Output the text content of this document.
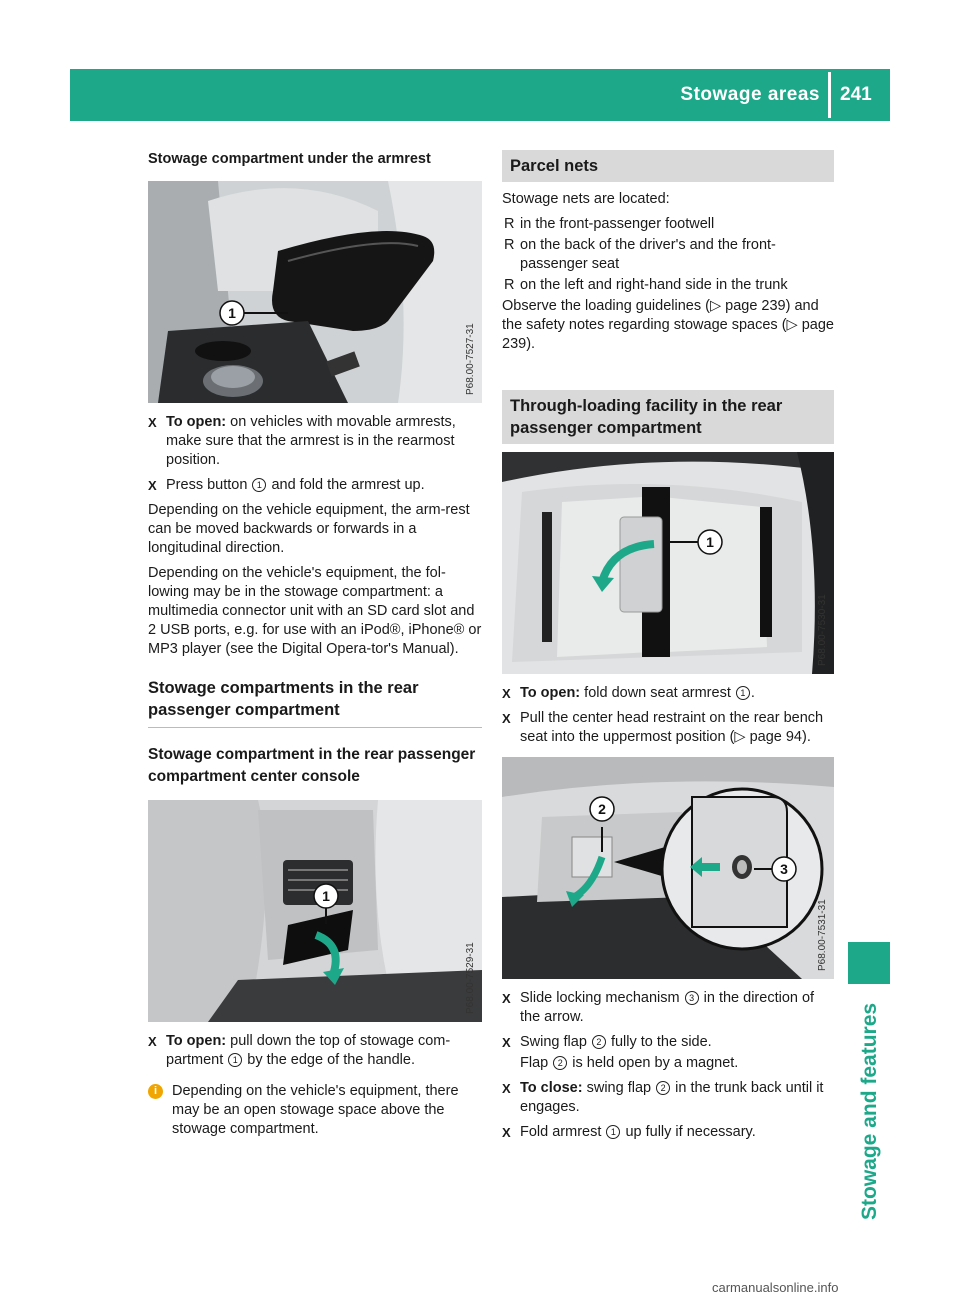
Stowage areas 241
Stowage and features
Stowage compartment under the armrest
1
P68.00-7527-31
X To open: on vehicles with movable armrests, make sure that the armrest is in the rearmost position.
X Press button 1 and fold the armrest up.

Depending on the vehicle equipment, the arm-rest can be moved backwards or forwards in a longitudinal direction.

Depending on the vehicle's equipment, the fol-lowing may be in the stowage compartment: a multimedia connector unit with an SD card slot and 2 USB ports, e.g. for use with an iPod®, iPhone® or MP3 player (see the Digital Opera-tor's Manual).

Stowage compartments in the rear passenger compartment
Stowage compartment in the rear passenger compartment center console
1
P68.00-7529-31
X To open: pull down the top of stowage com-partment 1 by the edge of the handle.
i	Depending on the vehicle's equipment, there may be an open stowage space above the stowage compartment.
Parcel nets

Stowage nets are located:

R in the front-passenger footwell
R on the back of the driver's and the front-passenger seat
R on the left and right-hand side in the trunk

Observe the loading guidelines (▷ page 239) and the safety notes regarding stowage spaces (▷ page 239).

Through-loading facility in the rear passenger compartment
1
P68.00-7530-31
X To open: fold down seat armrest 1 .
X Pull the center head restraint on the rear bench seat into the uppermost position (▷ page 94).
2
3
P68.00-7531-31
X Slide locking mechanism 3 in the direction of the arrow.
X Swing flap 2 fully to the side.
Flap 2 is held open by a magnet.
X To close: swing flap 2 in the trunk back until it engages.
X Fold armrest 1 up fully if necessary.
carmanualsonline.info
